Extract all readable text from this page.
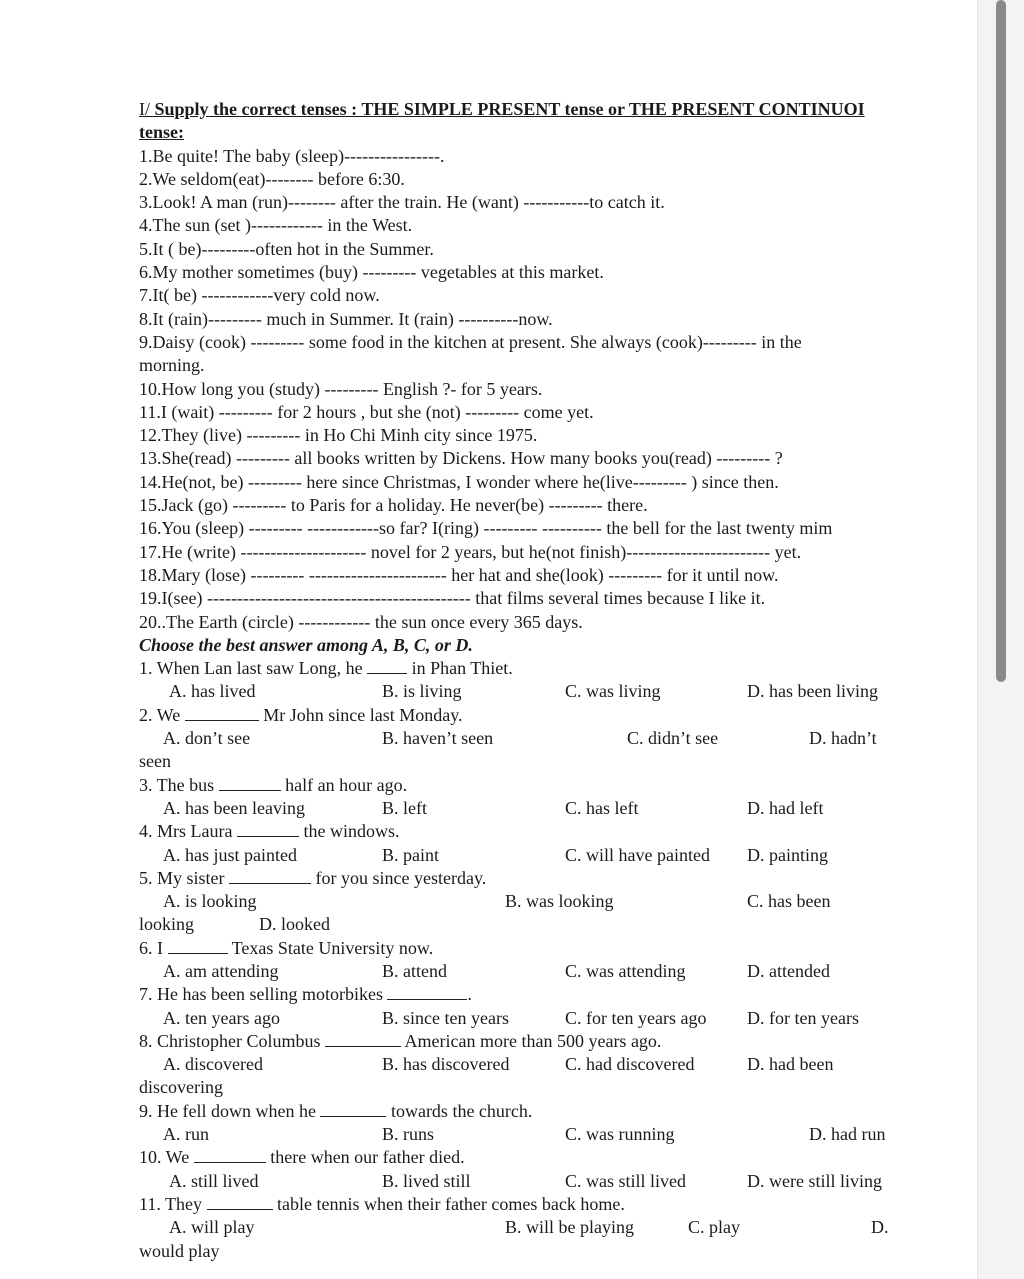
I/ Supply the correct tenses : THE SIMPLE PRESENT tense or THE PRESENT CONTINUOI
tense:
1.Be quite! The baby (sleep)----------------.
2.We seldom(eat)-------- before 6:30.
3.Look! A man (run)-------- after the train. He (want) -----------to catch it.
4.The sun (set )------------ in the West.
5.It ( be)---------often hot in the Summer.
6.My mother sometimes (buy) --------- vegetables at this market.
7.It( be) ------------very cold now.
8.It (rain)--------- much in Summer. It (rain) ----------now.
9.Daisy (cook) --------- some food in the kitchen at present. She always (cook)--------- in the
morning.
10.How long you (study) --------- English ?- for 5 years.
11.I (wait) --------- for 2 hours , but she (not) --------- come yet.
12.They (live) --------- in Ho Chi Minh city since 1975.
13.She(read) --------- all books written by Dickens. How many books you(read) --------- ?
14.He(not, be) --------- here since Christmas, I wonder where he(live--------- ) since then.
15.Jack (go) --------- to Paris for a holiday. He never(be) --------- there.
16.You (sleep) --------- ------------so far? I(ring) --------- ---------- the bell for the last twenty mim
17.He (write) --------------------- novel for 2 years, but he(not finish)------------------------ yet.
18.Mary (lose) --------- ----------------------- her hat and she(look) --------- for it until now.
19.I(see) -------------------------------------------- that films several times because I like it.
20..The Earth (circle) ------------ the sun once every 365 days.
Choose the best answer among A, B, C, or D.
1. When Lan last saw Long, he  in Phan Thiet.
A. has lived	B. is living	C. was living	D. has been living
2. We	Mr John since last Monday.
A. don’t see	B. haven’t seen	C. didn’t see	D. hadn’t
seen
3. The bus	half an hour ago.
A. has been leaving	B. left	C. has left	D. had left
4. Mrs Laura	the windows.
A. has just painted	B. paint	C. will have painted D. painting
5. My sister	for you since yesterday.
A. is looking	B. was looking	C. has been
looking	D. looked
6. I	Texas State University now.
A. am attending	B. attend	C. was attending	D. attended
7. He has been selling motorbikes	.
A. ten years ago	B. since ten years	C. for ten years ago D. for ten years
8. Christopher Columbus	American more than 500 years ago.
A. discovered	B. has discovered	C. had discovered	D. had been
discovering
9. He fell down when he	towards the church.
A. run	B. runs	C. was running	D. had run
10. We	there when our father died.
A. still lived	B. lived still	C. was still lived	D. were still living
11. They	table tennis when their father comes back home.
A. will play	B. will be playing	C. play	D.
would play
